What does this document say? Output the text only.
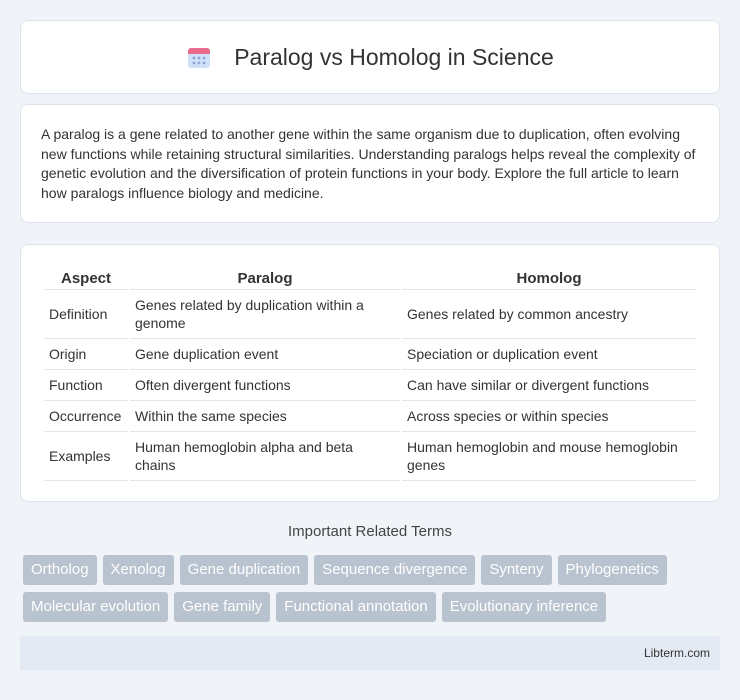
Paralog vs Homolog in Science

A paralog is a gene related to another gene within the same organism due to duplication, often evolving new functions while retaining structural similarities. Understanding paralogs helps reveal the complexity of genetic evolution and the diversification of protein functions in your body. Explore the full article to learn how paralogs influence biology and medicine.

Aspect	Paralog	Homolog
Definition	Genes related by duplication within a genome	Genes related by common ancestry
Origin	Gene duplication event	Speciation or duplication event
Function	Often divergent functions	Can have similar or divergent functions
Occurrence	Within the same species	Across species or within species
Examples	Human hemoglobin alpha and beta chains	Human hemoglobin and mouse hemoglobin genes
Important Related Terms
Ortholog	Xenolog	Gene duplication	Sequence divergence	Synteny	Phylogenetics
Molecular evolution	Gene family	Functional annotation	Evolutionary inference
Libterm.com
